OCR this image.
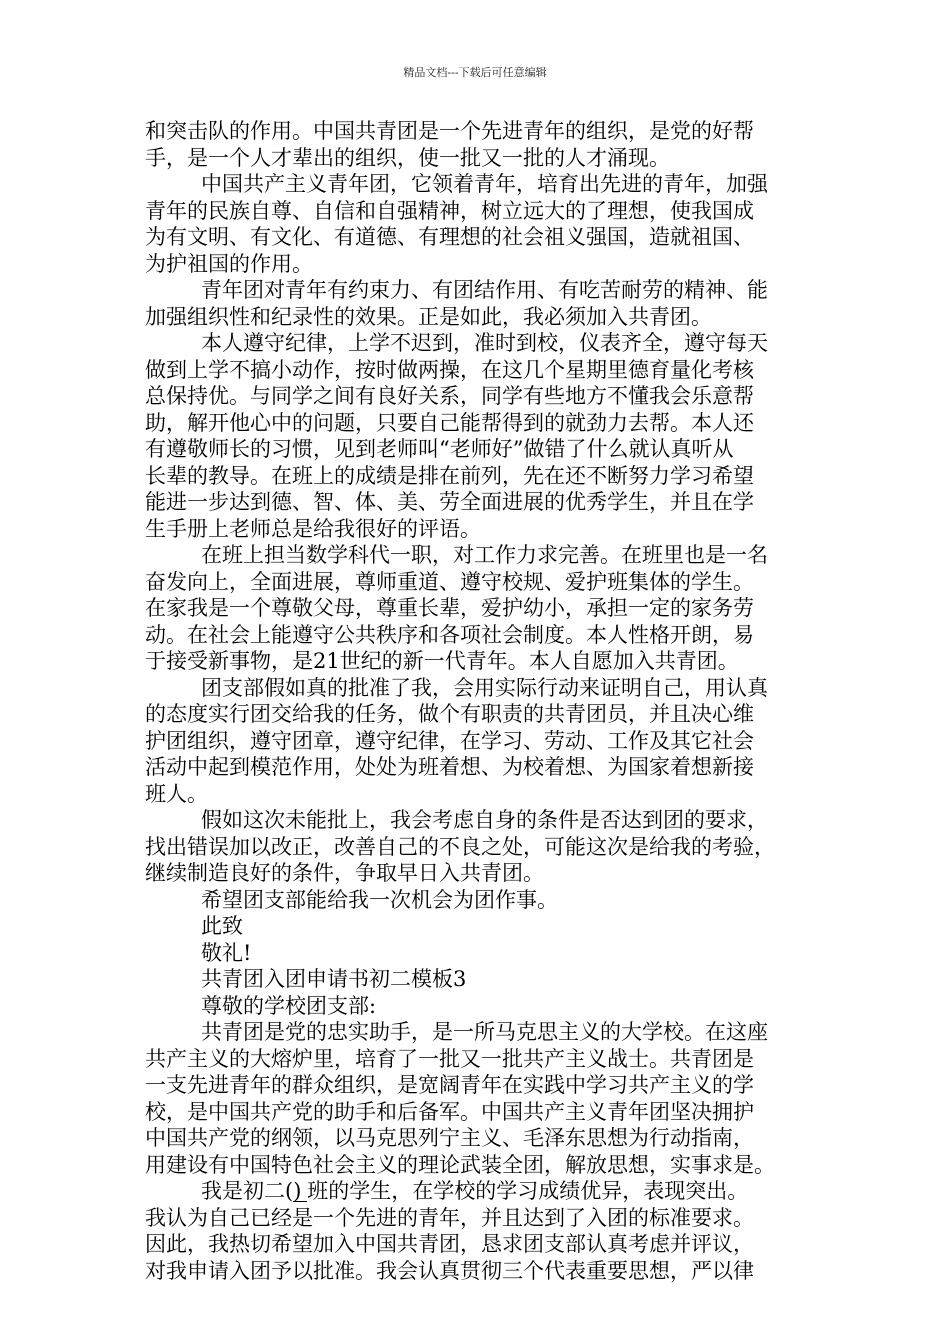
精品文档---下载后可任意编辑
和突击队的作用。中国共青团是一个先进青年的组织，是党的好帮
手，是一个人才辈出的组织，使一批又一批的人才涌现。
中国共产主义青年团，它领着青年，培育出先进的青年，加强
青年的民族自尊、自信和自强精神，树立远大的了理想，使我国成
为有文明、有文化、有道德、有理想的社会祖义强国，造就祖国、
为护祖国的作用。
青年团对青年有约束力、有团结作用、有吃苦耐劳的精神、能
加强组织性和纪录性的效果。正是如此，我必须加入共青团。
本人遵守纪律，上学不迟到，准时到校，仪表齐全，遵守每天
做到上学不搞小动作，按时做两操，在这几个星期里德育量化考核
总保持优。与同学之间有良好关系，同学有些地方不懂我会乐意帮
助，解开他心中的问题，只要自己能帮得到的就劲力去帮。本人还
有遵敬师长的习惯，见到老师叫“老师好”做错了什么就认真听从
长辈的教导。在班上的成绩是排在前列，先在还不断努力学习希望
能进一步达到德、智、体、美、劳全面进展的优秀学生，并且在学
生手册上老师总是给我很好的评语。
在班上担当数学科代一职，对工作力求完善。在班里也是一名
奋发向上，全面进展，尊师重道、遵守校规、爱护班集体的学生。
在家我是一个尊敬父母，尊重长辈，爱护幼小，承担一定的家务劳
动。在社会上能遵守公共秩序和各项社会制度。本人性格开朗，易
于接受新事物，是21世纪的新一代青年。本人自愿加入共青团。
团支部假如真的批准了我，会用实际行动来证明自己，用认真
的态度实行团交给我的任务，做个有职责的共青团员，并且决心维
护团组织，遵守团章，遵守纪律，在学习、劳动、工作及其它社会
活动中起到模范作用，处处为班着想、为校着想、为国家着想新接
班人。
假如这次未能批上，我会考虑自身的条件是否达到团的要求，
找出错误加以改正，改善自己的不良之处，可能这次是给我的考验，
继续制造良好的条件，争取早日入共青团。
希望团支部能给我一次机会为团作事。
此致
敬礼!
共青团入团申请书初二模板3
尊敬的学校团支部:
共青团是党的忠实助手，是一所马克思主义的大学校。在这座
共产主义的大熔炉里，培育了一批又一批共产主义战士。共青团是
一支先进青年的群众组织，是宽阔青年在实践中学习共产主义的学
校，是中国共产党的助手和后备军。中国共产主义青年团坚决拥护
中国共产党的纲领，以马克思列宁主义、毛泽东思想为行动指南，
用建设有中国特色社会主义的理论武装全团，解放思想，实事求是。
我是初二() 班的学生，在学校的学习成绩优异，表现突出。
我认为自己已经是一个先进的青年，并且达到了入团的标准要求。
因此，我热切希望加入中国共青团，恳求团支部认真考虑并评议，
对我申请入团予以批准。我会认真贯彻三个代表重要思想，严以律
